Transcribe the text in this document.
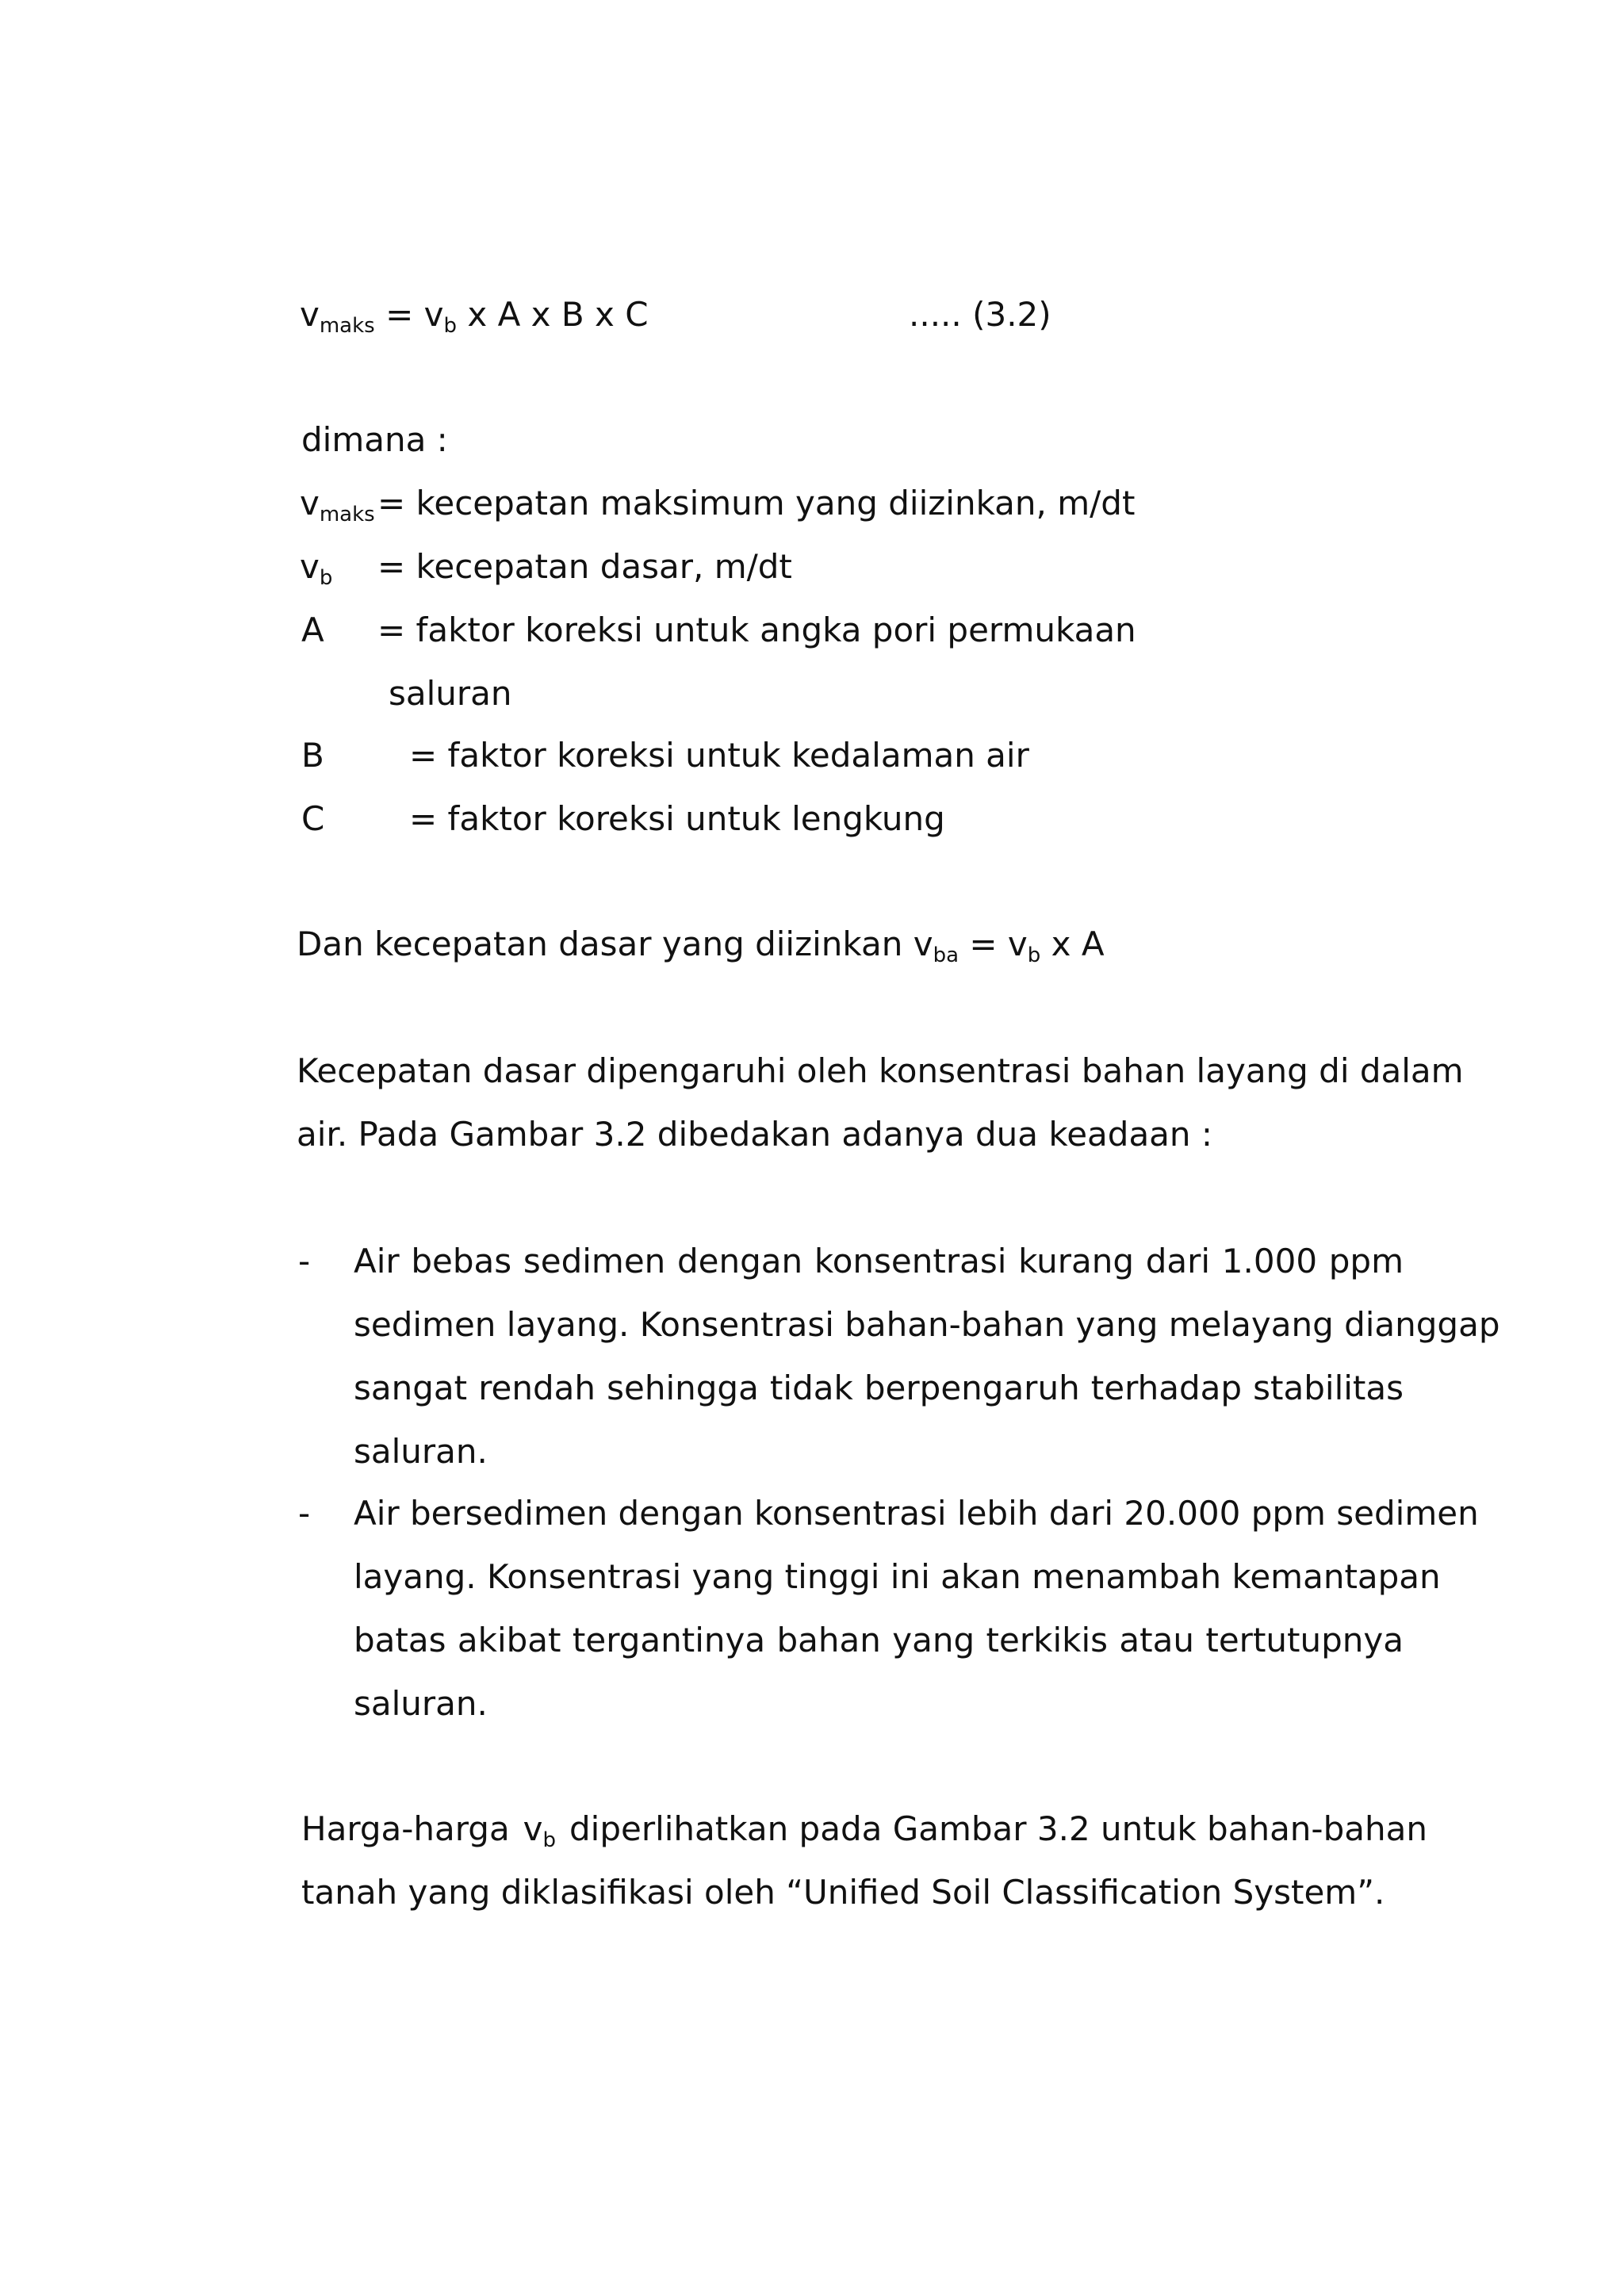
$v_{maks} = v_b$ x A x B x C	..... (3.2)
dimana :
$v_{maks}$ = kecepatan maksimum yang diizinkan, m/dt
$v_b$ = kecepatan dasar, m/dt
A = faktor koreksi untuk angka pori permukaan
saluran
B	= faktor koreksi untuk kedalaman air
C	= faktor koreksi untuk lengkung
Dan kecepatan dasar yang diizinkan $v_{ba} = v_b$ x A
Kecepatan dasar dipengaruhi oleh konsentrasi bahan layang di dalam
air. Pada Gambar 3.2 dibedakan adanya dua keadaan :
- Air bebas sedimen dengan konsentrasi kurang dari 1.000 ppm
sedimen layang. Konsentrasi bahan-bahan yang melayang dianggap
sangat rendah sehingga tidak berpengaruh terhadap stabilitas
saluran.
- Air bersedimen dengan konsentrasi lebih dari 20.000 ppm sedimen
layang. Konsentrasi yang tinggi ini akan menambah kemantapan
batas akibat tergantinya bahan yang terkikis atau tertutupnya
saluran.
Harga-harga $v_b$ diperlihatkan pada Gambar 3.2 untuk bahan-bahan
tanah yang diklasifikasi oleh “Unified Soil Classification System”.
